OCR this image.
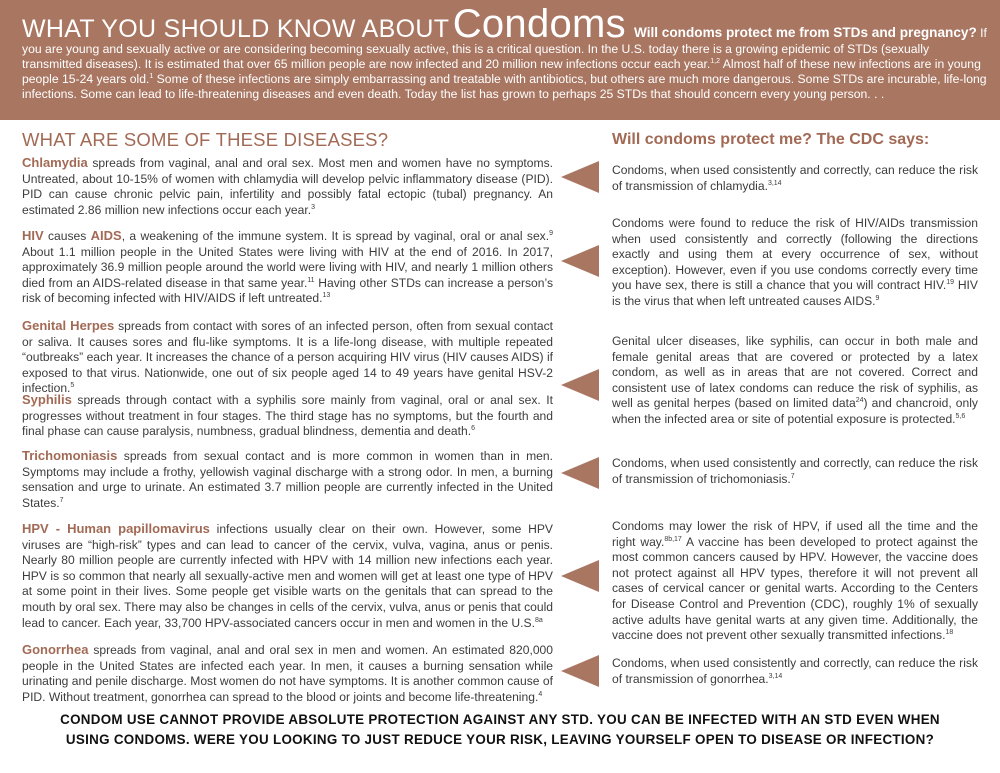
WHAT YOU SHOULD KNOW ABOUT Condoms Will condoms protect me from STDs and pregnancy? If you are young and sexually active or are considering becoming sexually active, this is a critical question. In the U.S. today there is a growing epidemic of STDs (sexually transmitted diseases). It is estimated that over 65 million people are now infected and 20 million new infections occur each year.$^{1,2}$ Almost half of these new infections are in young people 15-24 years old.$^1$ Some of these infections are simply embarrassing and treatable with antibiotics, but others are much more dangerous. Some STDs are incurable, life-long infections. Some can lead to life-threatening diseases and even death. Today the list has grown to perhaps 25 STDs that should concern every young person. . .

WHAT ARE SOME OF THESE DISEASES?	Will condoms protect me? The CDC says:

Chlamydia spreads from vaginal, anal and oral sex. Most men and women have no symptoms. Untreated, about 10-15% of women with chlamydia will develop pelvic inflammatory disease (PID). PID can cause chronic pelvic pain, infertility and possibly fatal ectopic (tubal) pregnancy. An estimated 2.86 million new infections occur each year.$^3$

HIV causes AIDS, a weakening of the immune system. It is spread by vaginal, oral or anal sex.$^9$ About 1.1 million people in the United States were living with HIV at the end of 2016. In 2017, approximately 36.9 million people around the world were living with HIV, and nearly 1 million others died from an AIDS-related disease in that same year.$^{11}$ Having other STDs can increase a person’s risk of becoming infected with HIV/AIDS if left untreated.$^{13}$

Genital Herpes spreads from contact with sores of an infected person, often from sexual contact or saliva. It causes sores and flu-like symptoms. It is a life-long disease, with multiple repeated “outbreaks” each year. It increases the chance of a person acquiring HIV virus (HIV causes AIDS) if exposed to that virus. Nationwide, one out of six people aged 14 to 49 years have genital HSV-2 infection.$^5$

Syphilis spreads through contact with a syphilis sore mainly from vaginal, oral or anal sex. It progresses without treatment in four stages. The third stage has no symptoms, but the fourth and final phase can cause paralysis, numbness, gradual blindness, dementia and death.$^6$

Trichomoniasis spreads from sexual contact and is more common in women than in men. Symptoms may include a frothy, yellowish vaginal discharge with a strong odor. In men, a burning sensation and urge to urinate. An estimated 3.7 million people are currently infected in the United States.$^7$

HPV - Human papillomavirus infections usually clear on their own. However, some HPV viruses are “high-risk” types and can lead to cancer of the cervix, vulva, vagina, anus or penis. Nearly 80 million people are currently infected with HPV with 14 million new infections each year. HPV is so common that nearly all sexually-active men and women will get at least one type of HPV at some point in their lives. Some people get visible warts on the genitals that can spread to the mouth by oral sex. There may also be changes in cells of the cervix, vulva, anus or penis that could lead to cancer. Each year, 33,700 HPV-associated cancers occur in men and women in the U.S.$^{8a}$

Gonorrhea spreads from vaginal, anal and oral sex in men and women. An estimated 820,000 people in the United States are infected each year. In men, it causes a burning sensation while urinating and penile discharge. Most women do not have symptoms. It is another common cause of PID. Without treatment, gonorrhea can spread to the blood or joints and become life-threatening.$^4$

Condoms, when used consistently and correctly, can reduce the risk of transmission of chlamydia.$^{3,14}$

Condoms were found to reduce the risk of HIV/AIDs transmission when used consistently and correctly (following the directions exactly and using them at every occurrence of sex, without exception). However, even if you use condoms correctly every time you have sex, there is still a chance that you will contract HIV.$^{19}$ HIV is the virus that when left untreated causes AIDS.$^9$

Genital ulcer diseases, like syphilis, can occur in both male and female genital areas that are covered or protected by a latex condom, as well as in areas that are not covered. Correct and consistent use of latex condoms can reduce the risk of syphilis, as well as genital herpes (based on limited data$^{24}$) and chancroid, only when the infected area or site of potential exposure is protected.$^{5,6}$

Condoms, when used consistently and correctly, can reduce the risk of transmission of trichomoniasis.$^7$

Condoms may lower the risk of HPV, if used all the time and the right way.$^{8b,17}$ A vaccine has been developed to protect against the most common cancers caused by HPV. However, the vaccine does not protect against all HPV types, therefore it will not prevent all cases of cervical cancer or genital warts. According to the Centers for Disease Control and Prevention (CDC), roughly 1% of sexually active adults have genital warts at any given time. Additionally, the vaccine does not prevent other sexually transmitted infections.$^{18}$

Condoms, when used consistently and correctly, can reduce the risk of transmission of gonorrhea.$^{3,14}$

CONDOM USE CANNOT PROVIDE ABSOLUTE PROTECTION AGAINST ANY STD. YOU CAN BE INFECTED WITH AN STD EVEN WHEN
USING CONDOMS. WERE YOU LOOKING TO JUST REDUCE YOUR RISK, LEAVING YOURSELF OPEN TO DISEASE OR INFECTION?
